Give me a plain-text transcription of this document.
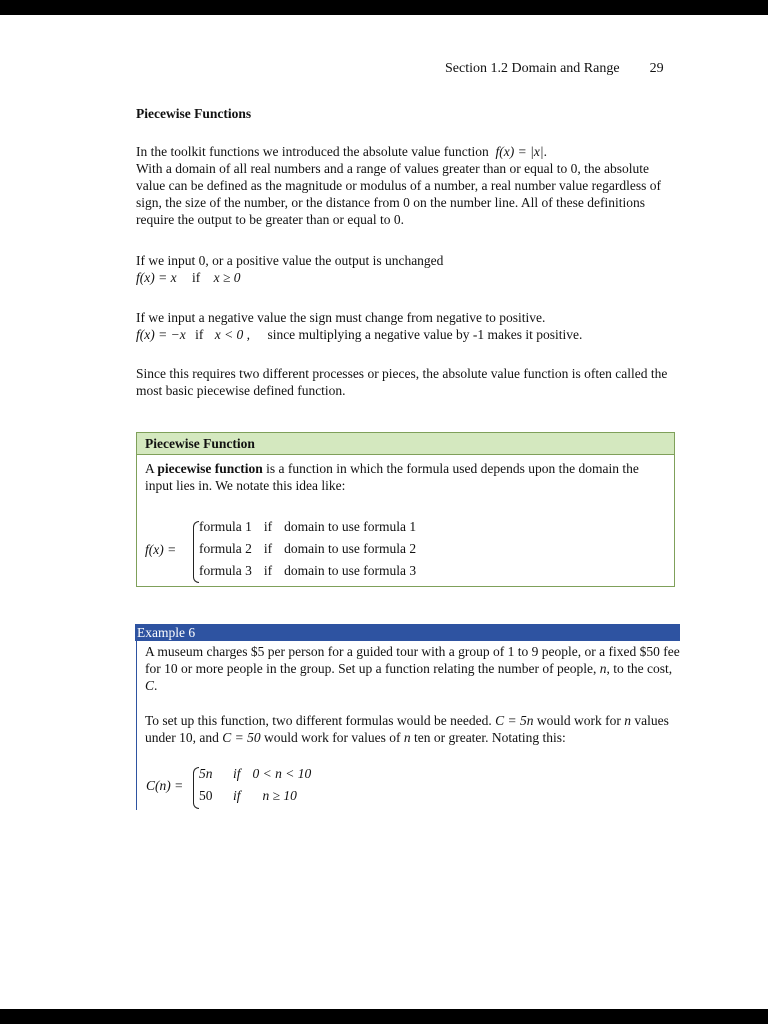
Section 1.2 Domain and Range 29
Piecewise Functions
In the toolkit functions we introduced the absolute value function f(x) = |x|.
With a domain of all real numbers and a range of values greater than or equal to 0, the absolute value can be defined as the magnitude or modulus of a number, a real number value regardless of sign, the size of the number, or the distance from 0 on the number line. All of these definitions require the output to be greater than or equal to 0.
If we input 0, or a positive value the output is unchanged
f(x) = x if x ≥ 0
If we input a negative value the sign must change from negative to positive.
f(x) = −x if x < 0 , since multiplying a negative value by -1 makes it positive.
Since this requires two different processes or pieces, the absolute value function is often called the most basic piecewise defined function.
Piecewise Function
A piecewise function is a function in which the formula used depends upon the domain the input lies in. We notate this idea like:
f(x) =
formula 1	if	domain to use formula 1
formula 2	if	domain to use formula 2
formula 3	if	domain to use formula 3
Example 6
A museum charges $5 per person for a guided tour with a group of 1 to 9 people, or a fixed $50 fee for 10 or more people in the group. Set up a function relating the number of people, n, to the cost, C.
To set up this function, two different formulas would be needed. C = 5n would work for n values under 10, and C = 50 would work for values of n ten or greater. Notating this:
C(n) =
5n	if	0 < n < 10
50	if	n ≥ 10
